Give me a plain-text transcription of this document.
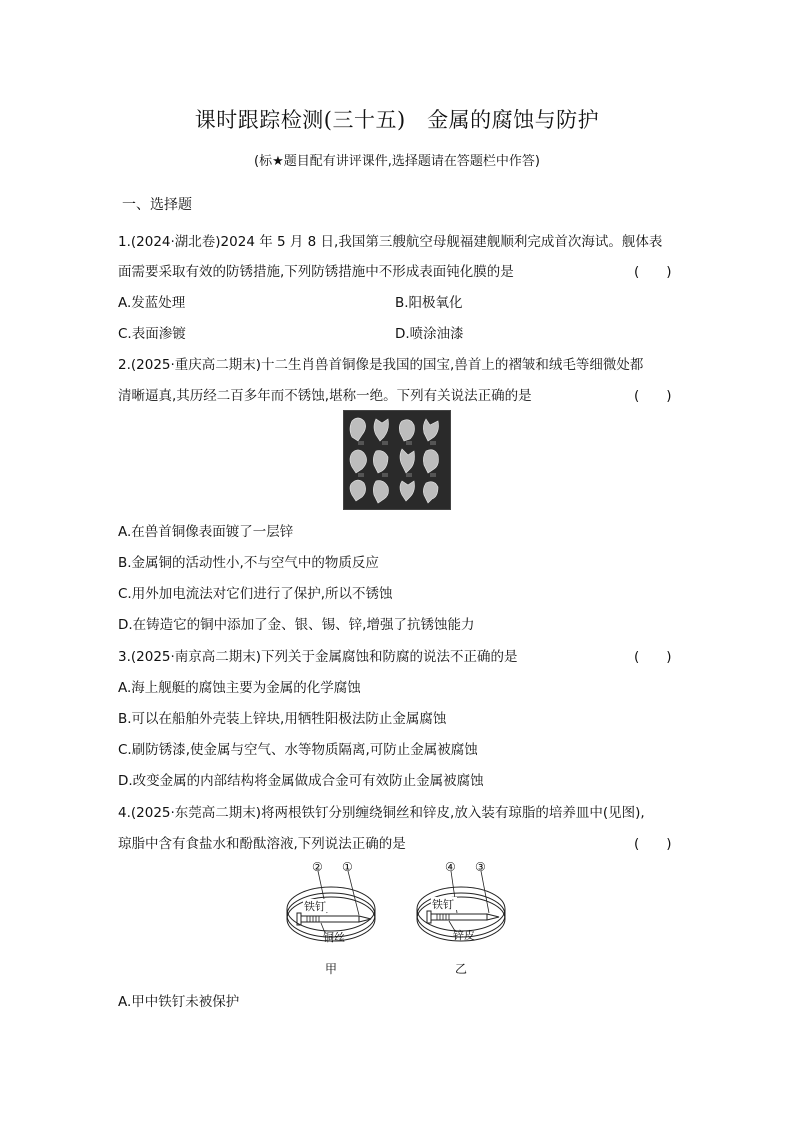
课时跟踪检测(三十五)　金属的腐蚀与防护
(标★题目配有讲评课件,选择题请在答题栏中作答)
一、选择题
1.(2024·湖北卷)2024 年 5 月 8 日,我国第三艘航空母舰福建舰顺利完成首次海试。舰体表
面需要采取有效的防锈措施,下列防锈措施中不形成表面钝化膜的是	(　　)
A.发蓝处理	B.阳极氧化
C.表面渗镀	D.喷涂油漆
2.(2025·重庆高二期末)十二生肖兽首铜像是我国的国宝,兽首上的褶皱和绒毛等细微处都
清晰逼真,其历经二百多年而不锈蚀,堪称一绝。下列有关说法正确的是	(　　)
A.在兽首铜像表面镀了一层锌
B.金属铜的活动性小,不与空气中的物质反应
C.用外加电流法对它们进行了保护,所以不锈蚀
D.在铸造它的铜中添加了金、银、锡、锌,增强了抗锈蚀能力
3.(2025·南京高二期末)下列关于金属腐蚀和防腐的说法不正确的是	(　　)
A.海上舰艇的腐蚀主要为金属的化学腐蚀
B.可以在船舶外壳装上锌块,用牺牲阳极法防止金属腐蚀
C.刷防锈漆,使金属与空气、水等物质隔离,可防止金属被腐蚀
D.改变金属的内部结构将金属做成合金可有效防止金属被腐蚀
4.(2025·东莞高二期末)将两根铁钉分别缠绕铜丝和锌皮,放入装有琼脂的培养皿中(见图),
琼脂中含有食盐水和酚酞溶液,下列说法正确的是	(　　)
② ①
铁钉
铜丝
甲
④ ③
铁钉
锌皮
乙
A.甲中铁钉未被保护
